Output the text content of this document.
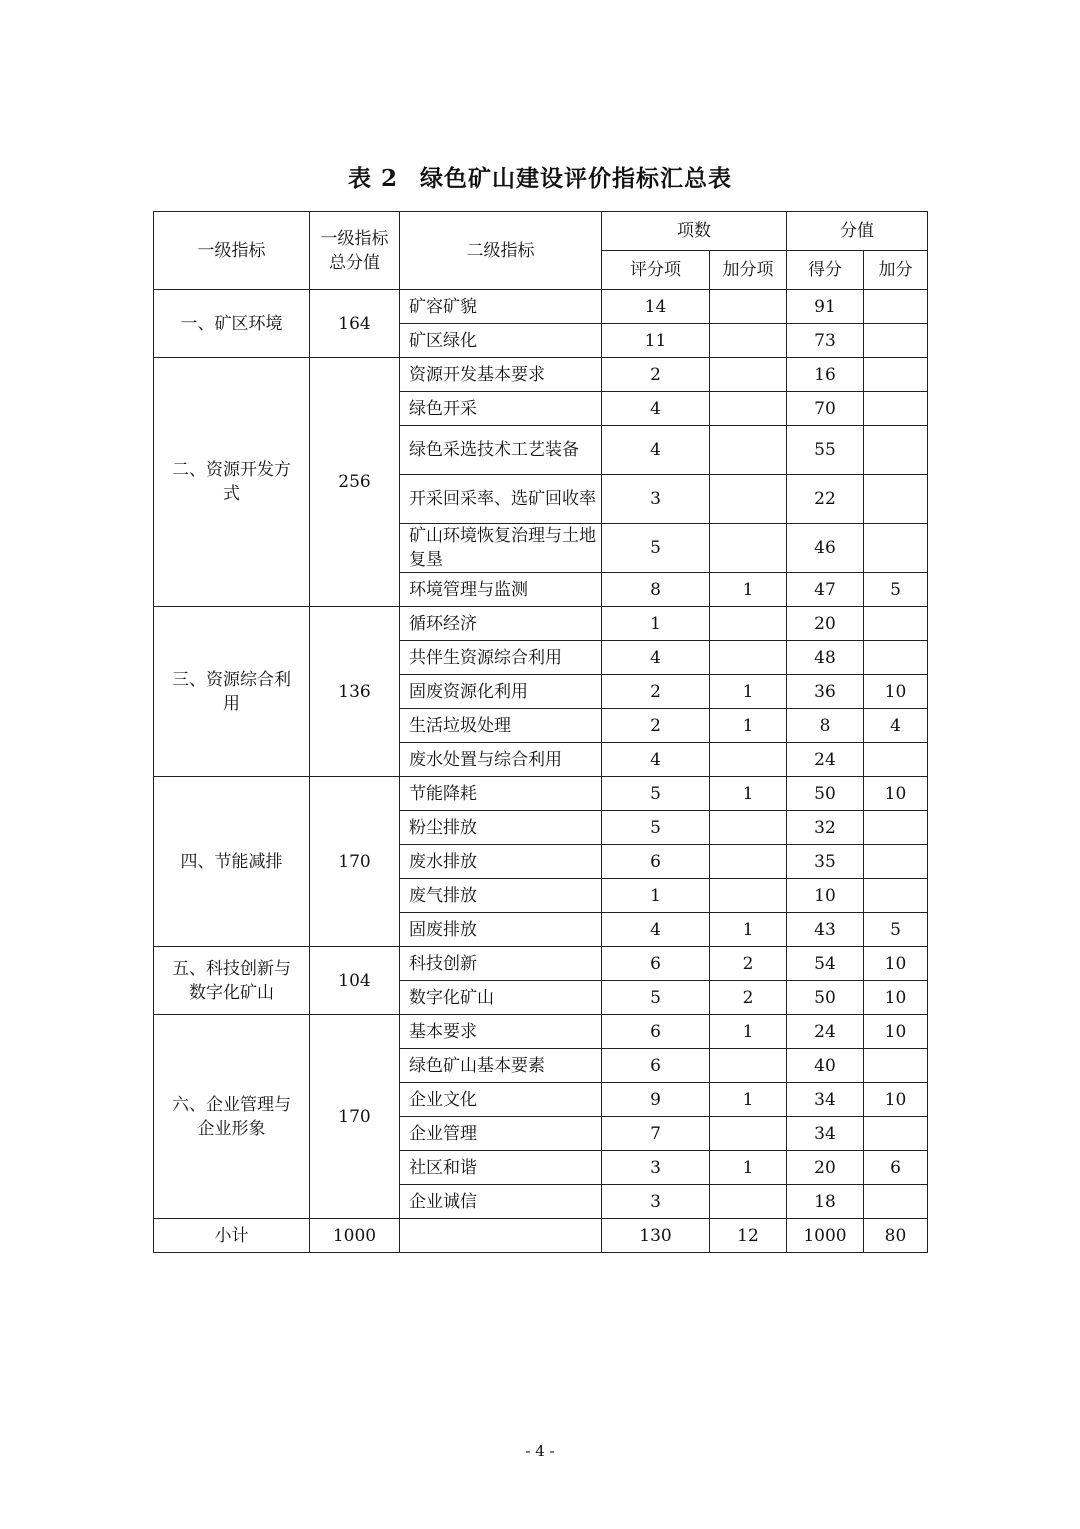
表 2 绿色矿山建设评价指标汇总表
一级指标	一级指标总分值	二级指标	项数		分值	
			评分项	加分项	得分	加分
一、矿区环境	164	矿容矿貌	14		91	
		矿区绿化	11		73	
二、资源开发方式	256	资源开发基本要求	2		16	
		绿色开采	4		70	
		绿色采选技术工艺装备	4		55	
		开采回采率、选矿回收率	3		22	
		矿山环境恢复治理与土地复垦	5		46	
		环境管理与监测	8	1	47	5
三、资源综合利用	136	循环经济	1		20	
		共伴生资源综合利用	4		48	
		固废资源化利用	2	1	36	10
		生活垃圾处理	2	1	8	4
		废水处置与综合利用	4		24	
四、节能减排	170	节能降耗	5	1	50	10
		粉尘排放	5		32	
		废水排放	6		35	
		废气排放	1		10	
		固废排放	4	1	43	5
五、科技创新与数字化矿山	104	科技创新	6	2	54	10
		数字化矿山	5	2	50	10
六、企业管理与企业形象	170	基本要求	6	1	24	10
		绿色矿山基本要素	6		40	
		企业文化	9	1	34	10
		企业管理	7		34	
		社区和谐	3	1	20	6
		企业诚信	3		18	
小计	1000		130	12	1000	80
- 4 -
